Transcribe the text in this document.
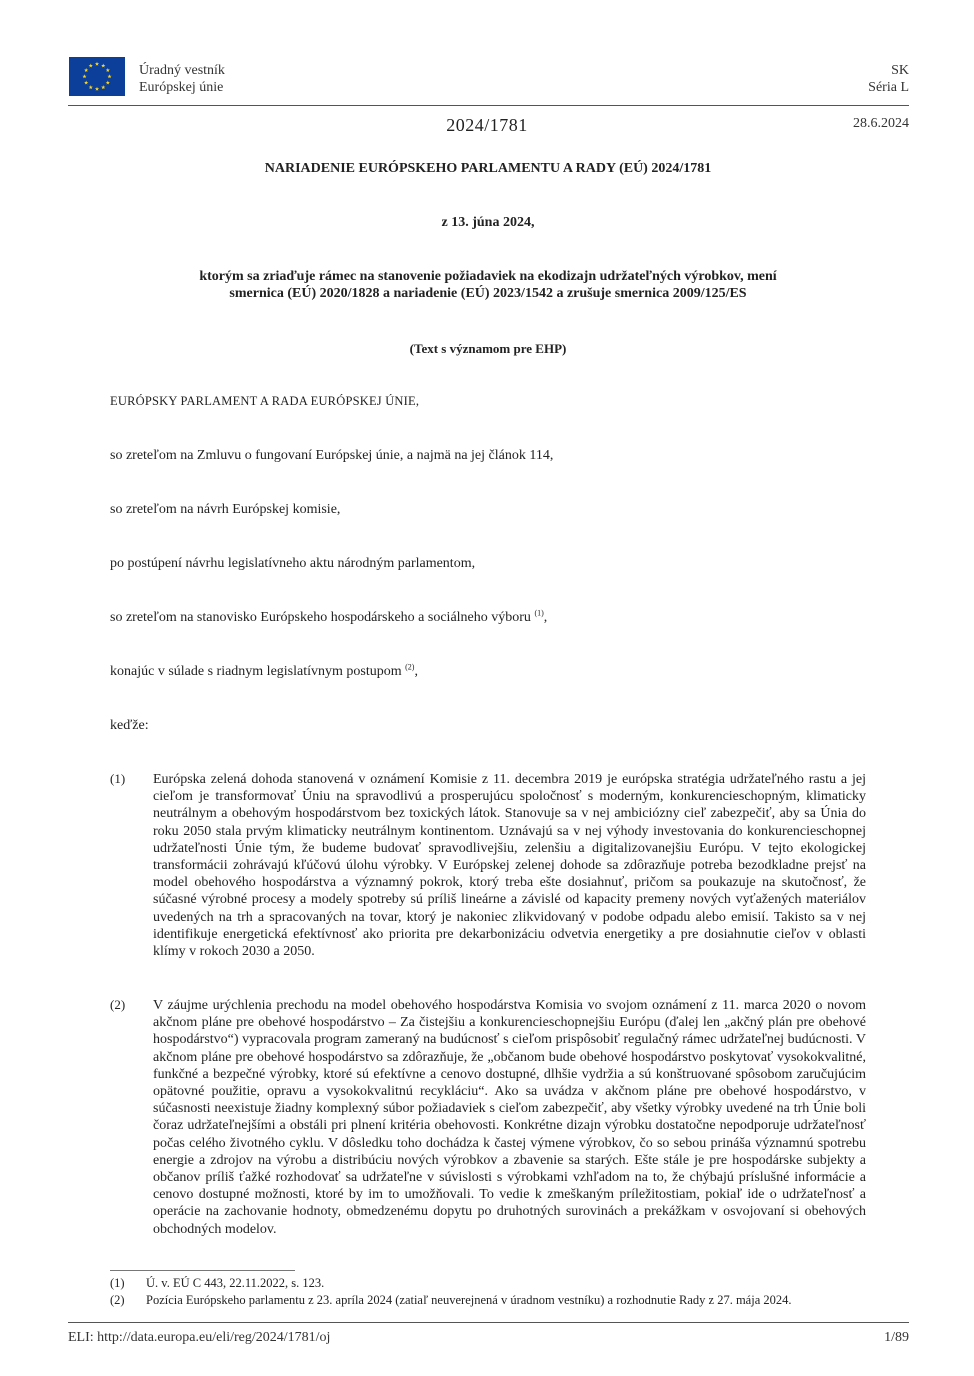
Úradný vestník
Európskej únie
SK
Séria L
2024/1781	28.6.2024
NARIADENIE EURÓPSKEHO PARLAMENTU A RADY (EÚ) 2024/1781
z 13. júna 2024,
ktorým sa zriaďuje rámec na stanovenie požiadaviek na ekodizajn udržateľných výrobkov, mení
smernica (EÚ) 2020/1828 a nariadenie (EÚ) 2023/1542 a zrušuje smernica 2009/125/ES
(Text s významom pre EHP)
EURÓPSKY PARLAMENT A RADA EURÓPSKEJ ÚNIE,
so zreteľom na Zmluvu o fungovaní Európskej únie, a najmä na jej článok 114,
so zreteľom na návrh Európskej komisie,
po postúpení návrhu legislatívneho aktu národným parlamentom,
so zreteľom na stanovisko Európskeho hospodárskeho a sociálneho výboru $^{(1)}$,
konajúc v súlade s riadnym legislatívnym postupom $^{(2)}$,
keďže:
(1) Európska zelená dohoda stanovená v oznámení Komisie z 11. decembra 2019 je európska stratégia udržateľného rastu a jej cieľom je transformovať Úniu na spravodlivú a prosperujúcu spoločnosť s moderným, konkurencieschopným, klimaticky neutrálnym a obehovým hospodárstvom bez toxických látok. Stanovuje sa v nej ambiciózny cieľ zabezpečiť, aby sa Únia do roku 2050 stala prvým klimaticky neutrálnym kontinentom. Uznávajú sa v nej výhody investovania do konkurencieschopnej udržateľnosti Únie tým, že budeme budovať spravodlivejšiu, zelenšiu a digitalizovanejšiu Európu. V tejto ekologickej transformácii zohrávajú kľúčovú úlohu výrobky. V Európskej zelenej dohode sa zdôrazňuje potreba bezodkladne prejsť na model obehového hospodárstva a významný pokrok, ktorý treba ešte dosiahnuť, pričom sa poukazuje na skutočnosť, že súčasné výrobné procesy a modely spotreby sú príliš lineárne a závislé od kapacity premeny nových vyťažených materiálov uvedených na trh a spracovaných na tovar, ktorý je nakoniec zlikvidovaný v podobe odpadu alebo emisií. Takisto sa v nej identifikuje energetická efektívnosť ako priorita pre dekarbonizáciu odvetvia energetiky a pre dosiahnutie cieľov v oblasti klímy v rokoch 2030 a 2050.
(2) V záujme urýchlenia prechodu na model obehového hospodárstva Komisia vo svojom oznámení z 11. marca 2020 o novom akčnom pláne pre obehové hospodárstvo – Za čistejšiu a konkurencieschopnejšiu Európu (ďalej len „akčný plán pre obehové hospodárstvo“) vypracovala program zameraný na budúcnosť s cieľom prispôsobiť regulačný rámec udržateľnej budúcnosti. V akčnom pláne pre obehové hospodárstvo sa zdôrazňuje, že „občanom bude obehové hospodárstvo poskytovať vysokokvalitné, funkčné a bezpečné výrobky, ktoré sú efektívne a cenovo dostupné, dlhšie vydržia a sú konštruované spôsobom zaručujúcim opätovné použitie, opravu a vysokokvalitnú recykláciu“. Ako sa uvádza v akčnom pláne pre obehové hospodárstvo, v súčasnosti neexistuje žiadny komplexný súbor požiadaviek s cieľom zabezpečiť, aby všetky výrobky uvedené na trh Únie boli čoraz udržateľnejšími a obstáli pri plnení kritéria obehovosti. Konkrétne dizajn výrobku dostatočne nepodporuje udržateľnosť počas celého životného cyklu. V dôsledku toho dochádza k častej výmene výrobkov, čo so sebou prináša významnú spotrebu energie a zdrojov na výrobu a distribúciu nových výrobkov a zbavenie sa starých. Ešte stále je pre hospodárske subjekty a občanov príliš ťažké rozhodovať sa udržateľne v súvislosti s výrobkami vzhľadom na to, že chýbajú príslušné informácie a cenovo dostupné možnosti, ktoré by im to umožňovali. To vedie k zmeškaným príležitostiam, pokiaľ ide o udržateľnosť a operácie na zachovanie hodnoty, obmedzenému dopytu po druhotných surovinách a prekážkam v osvojovaní si obehových obchodných modelov.
(1) Ú. v. EÚ C 443, 22.11.2022, s. 123.
(2) Pozícia Európskeho parlamentu z 23. apríla 2024 (zatiaľ neuverejnená v úradnom vestníku) a rozhodnutie Rady z 27. mája 2024.
ELI: http://data.europa.eu/eli/reg/2024/1781/oj	1/89
